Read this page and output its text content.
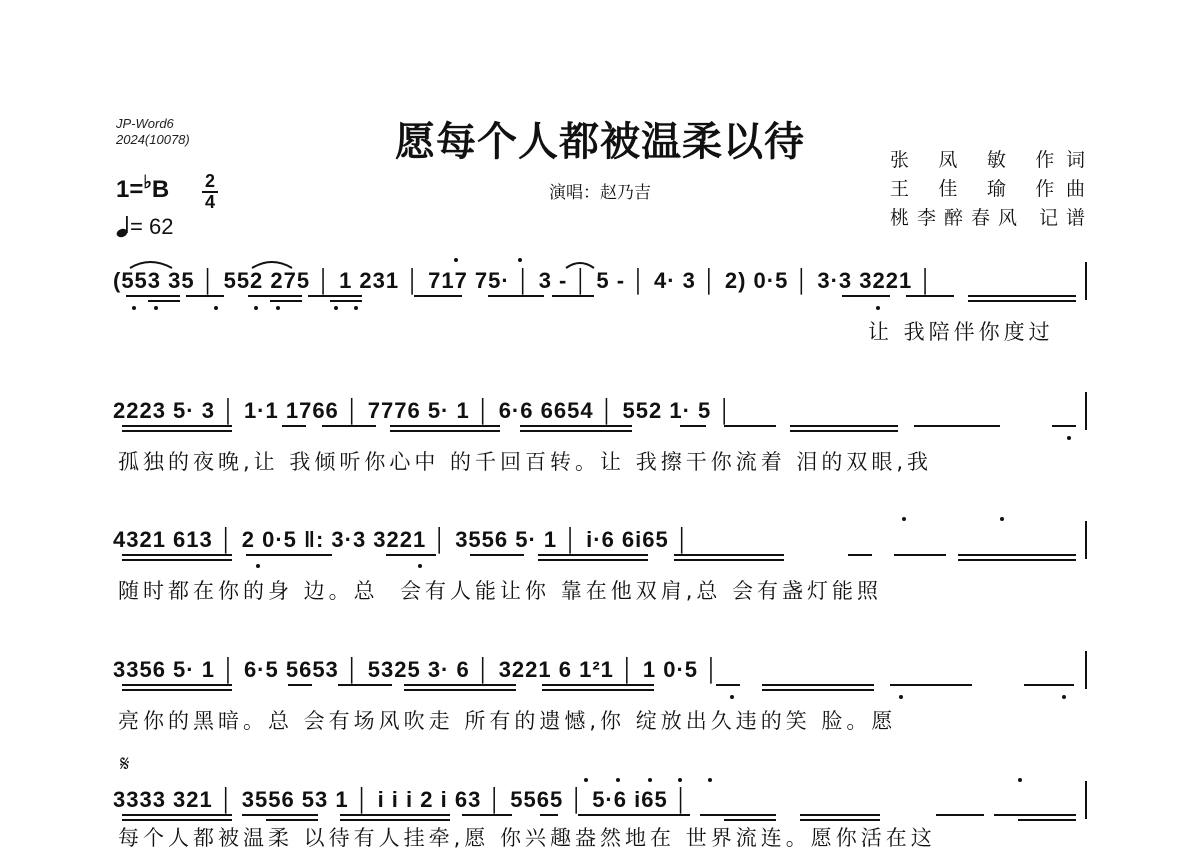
JP-Word6
2024(10078)	愿每个人都被温柔以待
演唱：赵乃吉
张 凤 敏 作词
王 佳 瑜 作曲
桃李醉春风 记谱
1=♭B 2
4
= 62
(553 35 │ 552 275 │ 1 231 │ 717 75· │ 3 - │ 5 - │ 4· 3 │ 2) 0·5 │ 3·3 3221 │
让 我陪伴你度过
2223 5· 3 │ 1·1 1766 │ 7776 5· 1 │ 6·6 6654 │ 552 1· 5 │
孤独的夜晚,让 我倾听你心中 的千回百转。让 我擦干你流着 泪的双眼,我
4321 613 │ 2 0·5 ‖: 3·3 3221 │ 3556 5· 1 │ i·6 6i65 │
随时都在你的身 边。总  会有人能让你 靠在他双肩,总 会有盏灯能照
3356 5· 1 │ 6·5 5653 │ 5325 3· 6 │ 3221 6 1²1 │ 1 0·5 │
亮你的黑暗。总 会有场风吹走 所有的遗憾,你 绽放出久违的笑 脸。愿
𝄋
3333 321 │ 3556 53 1 │ i i i 2 i 63 │ 5565 │ 5·6 i65 │
每个人都被温柔 以待有人挂牵,愿 你兴趣盎然地在 世界流连。愿你活在这
